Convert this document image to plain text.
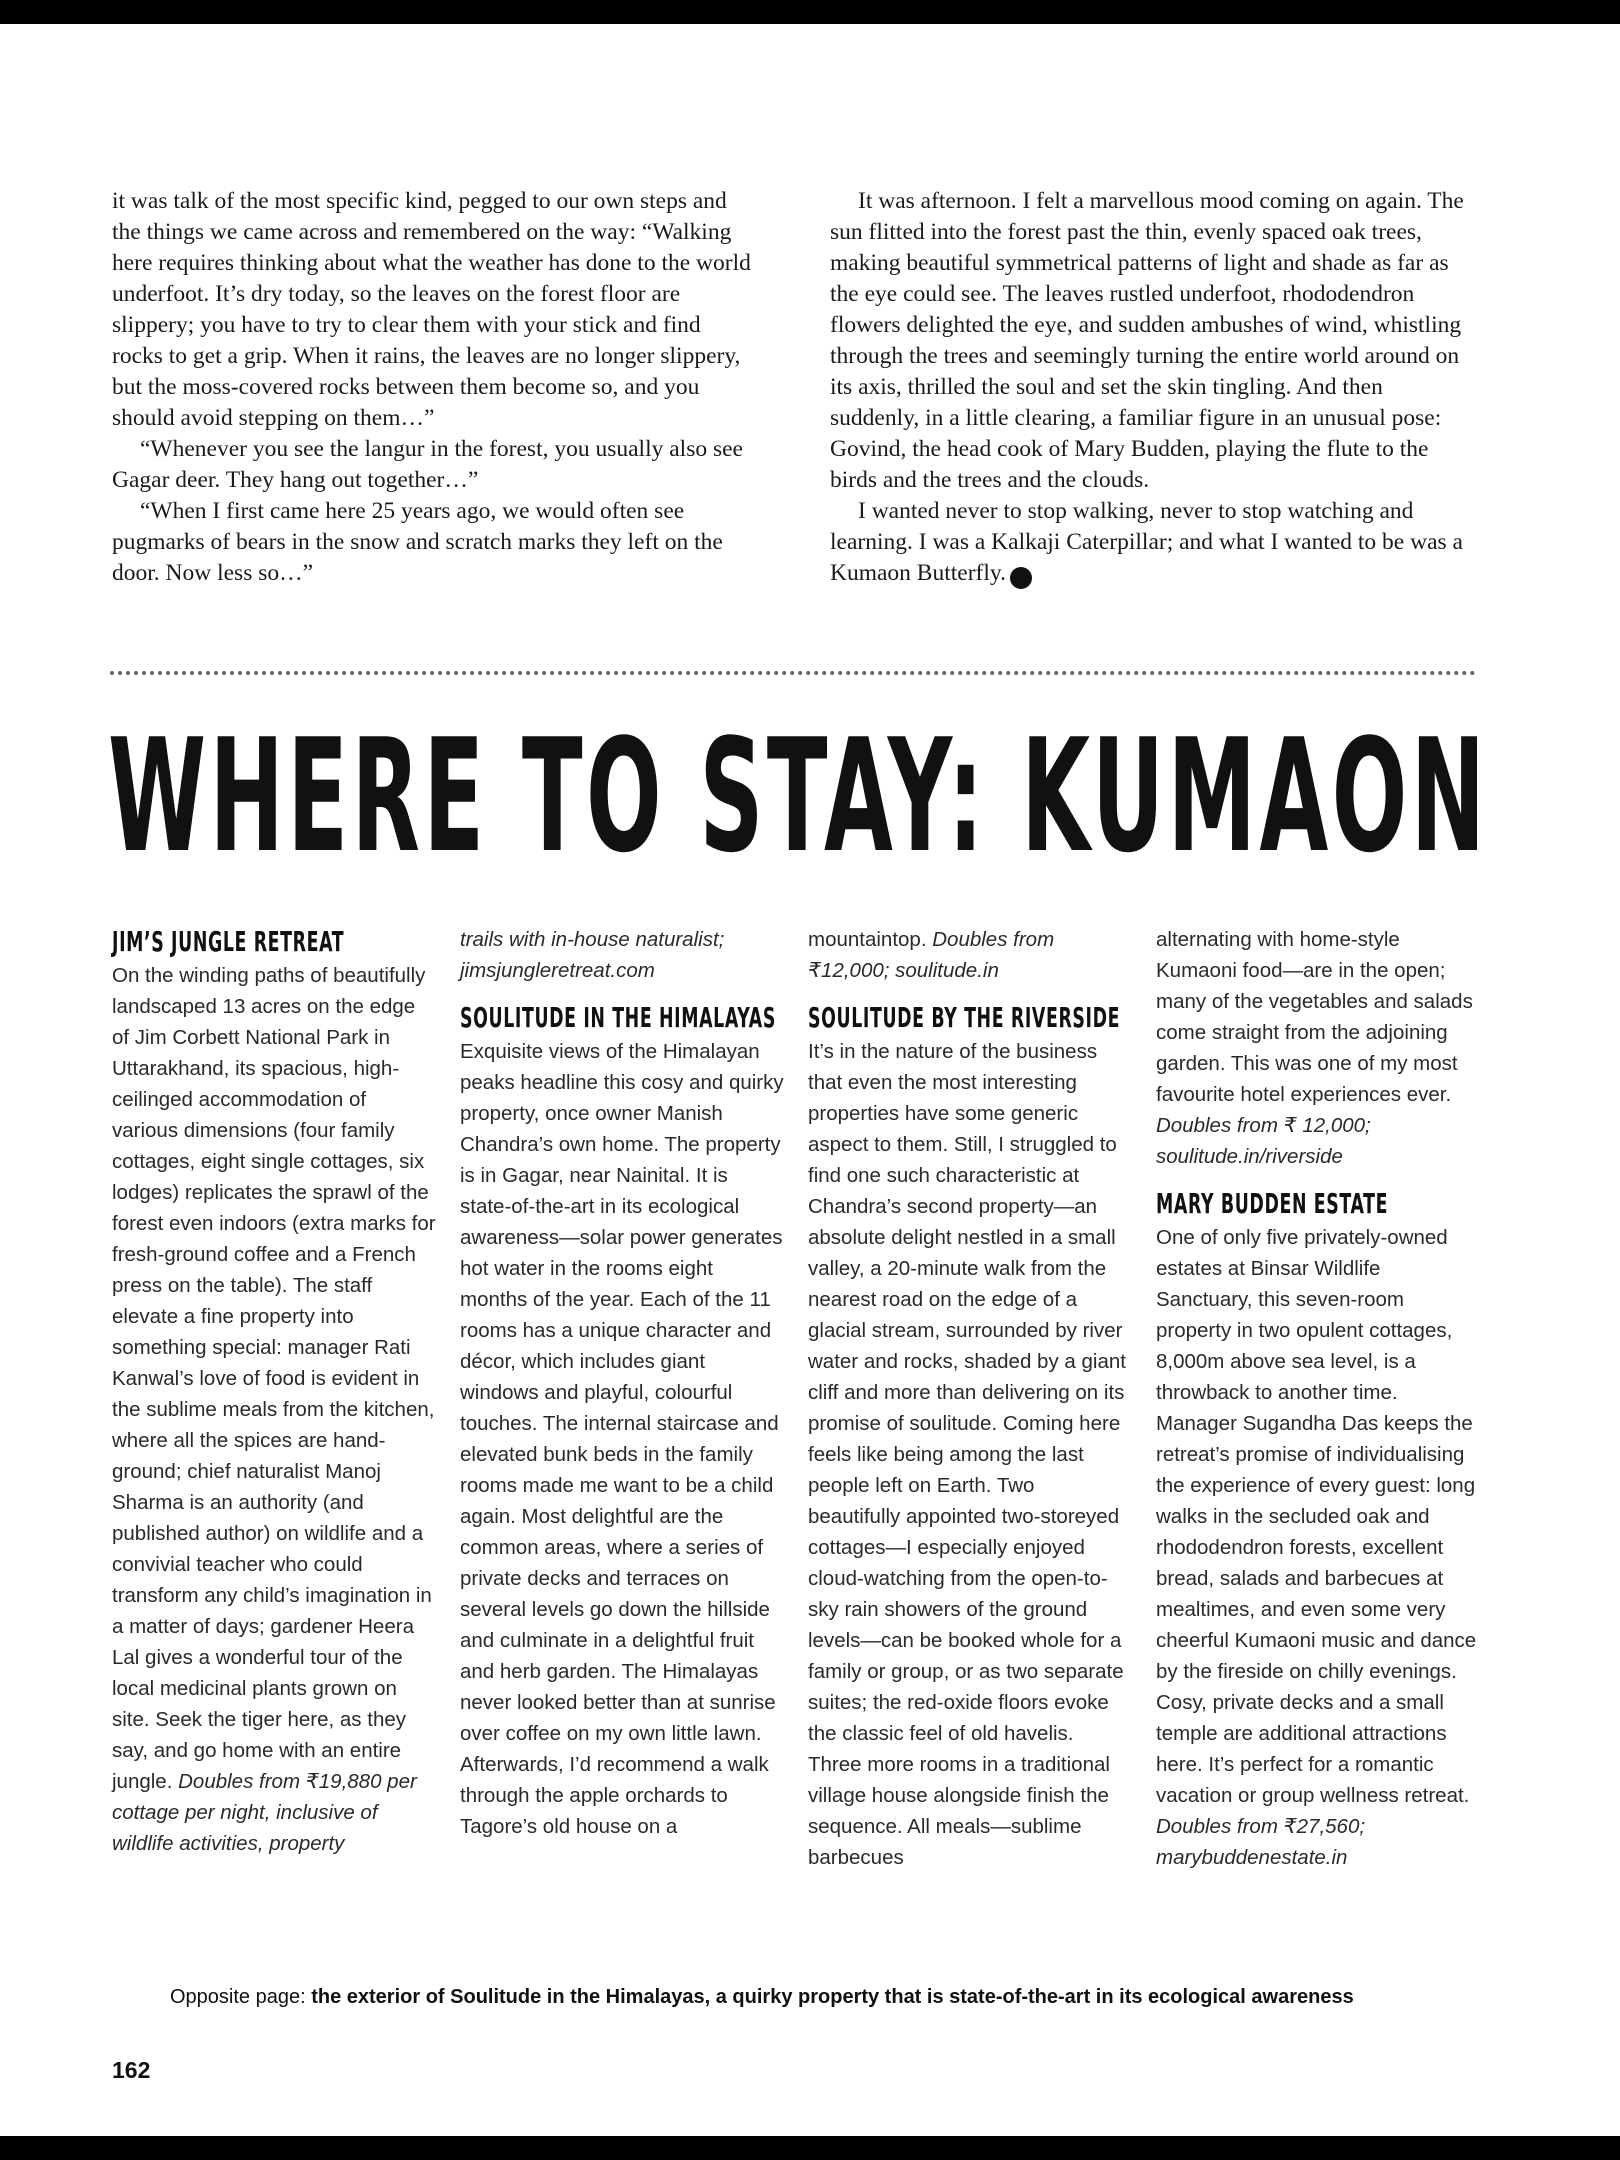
it was talk of the most specific kind, pegged to our own steps and the things we came across and remembered on the way: “Walking here requires thinking about what the weather has done to the world underfoot. It’s dry today, so the leaves on the forest floor are slippery; you have to try to clear them with your stick and find rocks to get a grip. When it rains, the leaves are no longer slippery, but the moss-covered rocks between them become so, and you should avoid stepping on them…”

“Whenever you see the langur in the forest, you usually also see Gagar deer. They hang out together…”

“When I first came here 25 years ago, we would often see pugmarks of bears in the snow and scratch marks they left on the door. Now less so…”

It was afternoon. I felt a marvellous mood coming on again. The sun flitted into the forest past the thin, evenly spaced oak trees, making beautiful symmetrical patterns of light and shade as far as the eye could see. The leaves rustled underfoot, rhododendron flowers delighted the eye, and sudden ambushes of wind, whistling through the trees and seemingly turning the entire world around on its axis, thrilled the soul and set the skin tingling. And then suddenly, in a little clearing, a familiar figure in an unusual pose: Govind, the head cook of Mary Budden, playing the flute to the birds and the trees and the clouds.

I wanted never to stop walking, never to stop watching and learning. I was a Kalkaji Caterpillar; and what I wanted to be was a Kumaon Butterfly. T

WHERE TO STAY: KUMAON
JIM’S JUNGLE RETREAT

On the winding paths of beautifully landscaped 13 acres on the edge of Jim Corbett National Park in Uttarakhand, its spacious, high-ceilinged accommodation of various dimensions (four family cottages, eight single cottages, six lodges) replicates the sprawl of the forest even indoors (extra marks for fresh-ground coffee and a French press on the table). The staff elevate a fine property into something special: manager Rati Kanwal’s love of food is evident in the sublime meals from the kitchen, where all the spices are hand-ground; chief naturalist Manoj Sharma is an authority (and published author) on wildlife and a convivial teacher who could transform any child’s imagination in a matter of days; gardener Heera Lal gives a wonderful tour of the local medicinal plants grown on site. Seek the tiger here, as they say, and go home with an entire jungle. Doubles from ₹19,880 per cottage per night, inclusive of wildlife activities, property

trails with in-house naturalist; jimsjungleretreat.com

SOULITUDE IN THE HIMALAYAS

Exquisite views of the Himalayan peaks headline this cosy and quirky property, once owner Manish Chandra’s own home. The property is in Gagar, near Nainital. It is state-of-the-art in its ecological awareness—solar power generates hot water in the rooms eight months of the year. Each of the 11 rooms has a unique character and décor, which includes giant windows and playful, colourful touches. The internal staircase and elevated bunk beds in the family rooms made me want to be a child again. Most delightful are the common areas, where a series of private decks and terraces on several levels go down the hillside and culminate in a delightful fruit and herb garden. The Himalayas never looked better than at sunrise over coffee on my own little lawn. Afterwards, I’d recommend a walk through the apple orchards to Tagore’s old house on a

mountaintop. Doubles from ₹12,000; soulitude.in

SOULITUDE BY THE RIVERSIDE

It’s in the nature of the business that even the most interesting properties have some generic aspect to them. Still, I struggled to find one such characteristic at Chandra’s second property—an absolute delight nestled in a small valley, a 20-minute walk from the nearest road on the edge of a glacial stream, surrounded by river water and rocks, shaded by a giant cliff and more than delivering on its promise of soulitude. Coming here feels like being among the last people left on Earth. Two beautifully appointed two-storeyed cottages—I especially enjoyed cloud-watching from the open-to-sky rain showers of the ground levels—can be booked whole for a family or group, or as two separate suites; the red-oxide floors evoke the classic feel of old havelis. Three more rooms in a traditional village house alongside finish the sequence. All meals—sublime barbecues

alternating with home-style Kumaoni food—are in the open; many of the vegetables and salads come straight from the adjoining garden. This was one of my most favourite hotel experiences ever. Doubles from ₹ 12,000; soulitude.in/riverside

MARY BUDDEN ESTATE

One of only five privately-owned estates at Binsar Wildlife Sanctuary, this seven-room property in two opulent cottages, 8,000m above sea level, is a throwback to another time. Manager Sugandha Das keeps the retreat’s promise of individualising the experience of every guest: long walks in the secluded oak and rhododendron forests, excellent bread, salads and barbecues at mealtimes, and even some very cheerful Kumaoni music and dance by the fireside on chilly evenings. Cosy, private decks and a small temple are additional attractions here. It’s perfect for a romantic vacation or group wellness retreat. Doubles from ₹27,560; marybuddenestate.in

Opposite page: the exterior of Soulitude in the Himalayas, a quirky property that is state-of-the-art in its ecological awareness
162
